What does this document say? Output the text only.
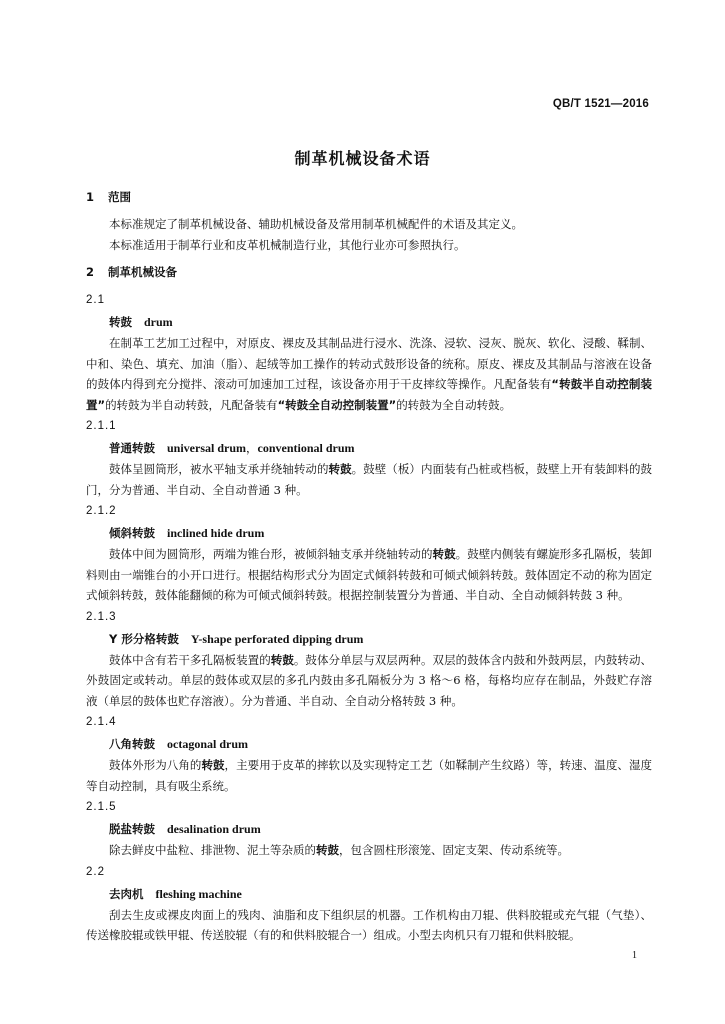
QB/T 1521—2016
制革机械设备术语

1 范围

本标准规定了制革机械设备、辅助机械设备及常用制革机械配件的术语及其定义。

本标准适用于制革行业和皮革机械制造行业，其他行业亦可参照执行。

2 制革机械设备

2.1

转鼓 drum

在制革工艺加工过程中，对原皮、裸皮及其制品进行浸水、洗涤、浸软、浸灰、脱灰、软化、浸酸、鞣制、中和、染色、填充、加油（脂）、起绒等加工操作的转动式鼓形设备的统称。原皮、裸皮及其制品与溶液在设备的鼓体内得到充分搅拌、滚动可加速加工过程，该设备亦用于干皮摔纹等操作。凡配备装有“转鼓半自动控制装置”的转鼓为半自动转鼓，凡配备装有“转鼓全自动控制装置”的转鼓为全自动转鼓。

2.1.1

普通转鼓 universal drum，conventional drum

鼓体呈圆筒形，被水平轴支承并绕轴转动的转鼓。鼓壁（板）内面装有凸桩或档板，鼓壁上开有装卸料的鼓门，分为普通、半自动、全自动普通 3 种。

2.1.2

倾斜转鼓 inclined hide drum

鼓体中间为圆筒形，两端为锥台形，被倾斜轴支承并绕轴转动的转鼓。鼓壁内侧装有螺旋形多孔隔板，装卸料则由一端锥台的小开口进行。根据结构形式分为固定式倾斜转鼓和可倾式倾斜转鼓。鼓体固定不动的称为固定式倾斜转鼓，鼓体能翻倾的称为可倾式倾斜转鼓。根据控制装置分为普通、半自动、全自动倾斜转鼓 3 种。

2.1.3

Y 形分格转鼓 Y-shape perforated dipping drum

鼓体中含有若干多孔隔板装置的转鼓。鼓体分单层与双层两种。双层的鼓体含内鼓和外鼓两层，内鼓转动、外鼓固定或转动。单层的鼓体或双层的多孔内鼓由多孔隔板分为 3 格～6 格，每格均应存在制品，外鼓贮存溶液（单层的鼓体也贮存溶液）。分为普通、半自动、全自动分格转鼓 3 种。

2.1.4

八角转鼓 octagonal drum

鼓体外形为八角的转鼓，主要用于皮革的摔软以及实现特定工艺（如鞣制产生纹路）等，转速、温度、湿度等自动控制，具有吸尘系统。

2.1.5

脱盐转鼓 desalination drum

除去鲜皮中盐粒、排泄物、泥土等杂质的转鼓，包含圆柱形滚笼、固定支架、传动系统等。

2.2

去肉机 fleshing machine

刮去生皮或裸皮肉面上的残肉、油脂和皮下组织层的机器。工作机构由刀辊、供料胶辊或充气辊（气垫）、传送橡胶辊或铁甲辊、传送胶辊（有的和供料胶辊合一）组成。小型去肉机只有刀辊和供料胶辊。

1
